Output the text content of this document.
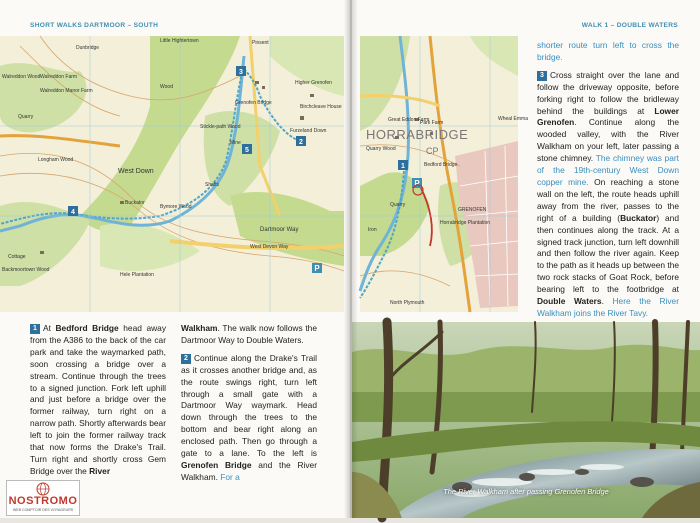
SHORT WALKS DARTMOOR – SOUTH
P
Little Hightertown
Dunbridge
Walreddon Farm
Walreddon Manor Farm
Walreddon Wood
Quarry
Higher Grenofen
Furzeland Down
Birchcleave House
Grenofen Bridge
Wood
Stickle-path Wood
Mine
West Down
Bymore Wood
Buckator
Dartmoor Way
Longham Wood
Hele Plantation
Backmoortown Wood
Cottage
West Devon Way
Shafts
Pinsent
3
2
5
4

1 At Bedford Bridge head away from the A386 to the back of the car park and take the waymarked path, soon crossing a bridge over a stream. Continue through the trees to a signed junction. Fork left uphill and just before a bridge over the former railway, turn right on a narrow path. Shortly afterwards bear left to join the former railway track that now forms the Drake's Trail. Turn right and shortly cross Gem Bridge over the River

Walkham. The walk now follows the Dartmoor Way to Double Waters.

2 Continue along the Drake's Trail as it crosses another bridge and, as the route swings right, turn left through a small gate with a Dartmoor Way waymark. Head down through the trees to the bottom and bear right along an enclosed path. Then go through a gate to a lane. To the left is Grenofen Bridge and the River Walkham. For a

NOSTROMO
WEB COMPTOIR DES VOYAGEURS
WALK 1 – DOUBLE WATERS
P
HORRABRIDGE
CP
Great Eddon Farm
Park Farm
Wheal Emma
Bedford Bridge
Quarry
Horrabridge Plantation
Quarry Wood
North Plymouth
GRENOFEN
Iron
1

shorter route turn left to cross the bridge.

3 Cross straight over the lane and follow the driveway opposite, before forking right to follow the bridleway behind the buildings at Lower Grenofen. Continue along the wooded valley, with the River Walkham on your left, later passing a stone chimney. The chimney was part of the 19th-century West Down copper mine. On reaching a stone wall on the left, the route heads uphill away from the river, passes to the right of a building (Buckator) and then continues along the track. At a signed track junction, turn left downhill and then follow the river again. Keep to the path as it heads up between the two rock stacks of Goat Rock, before bearing left to the footbridge at Double Waters. Here the River Walkham joins the River Tavy.

The River Walkham after passing Grenofen Bridge
